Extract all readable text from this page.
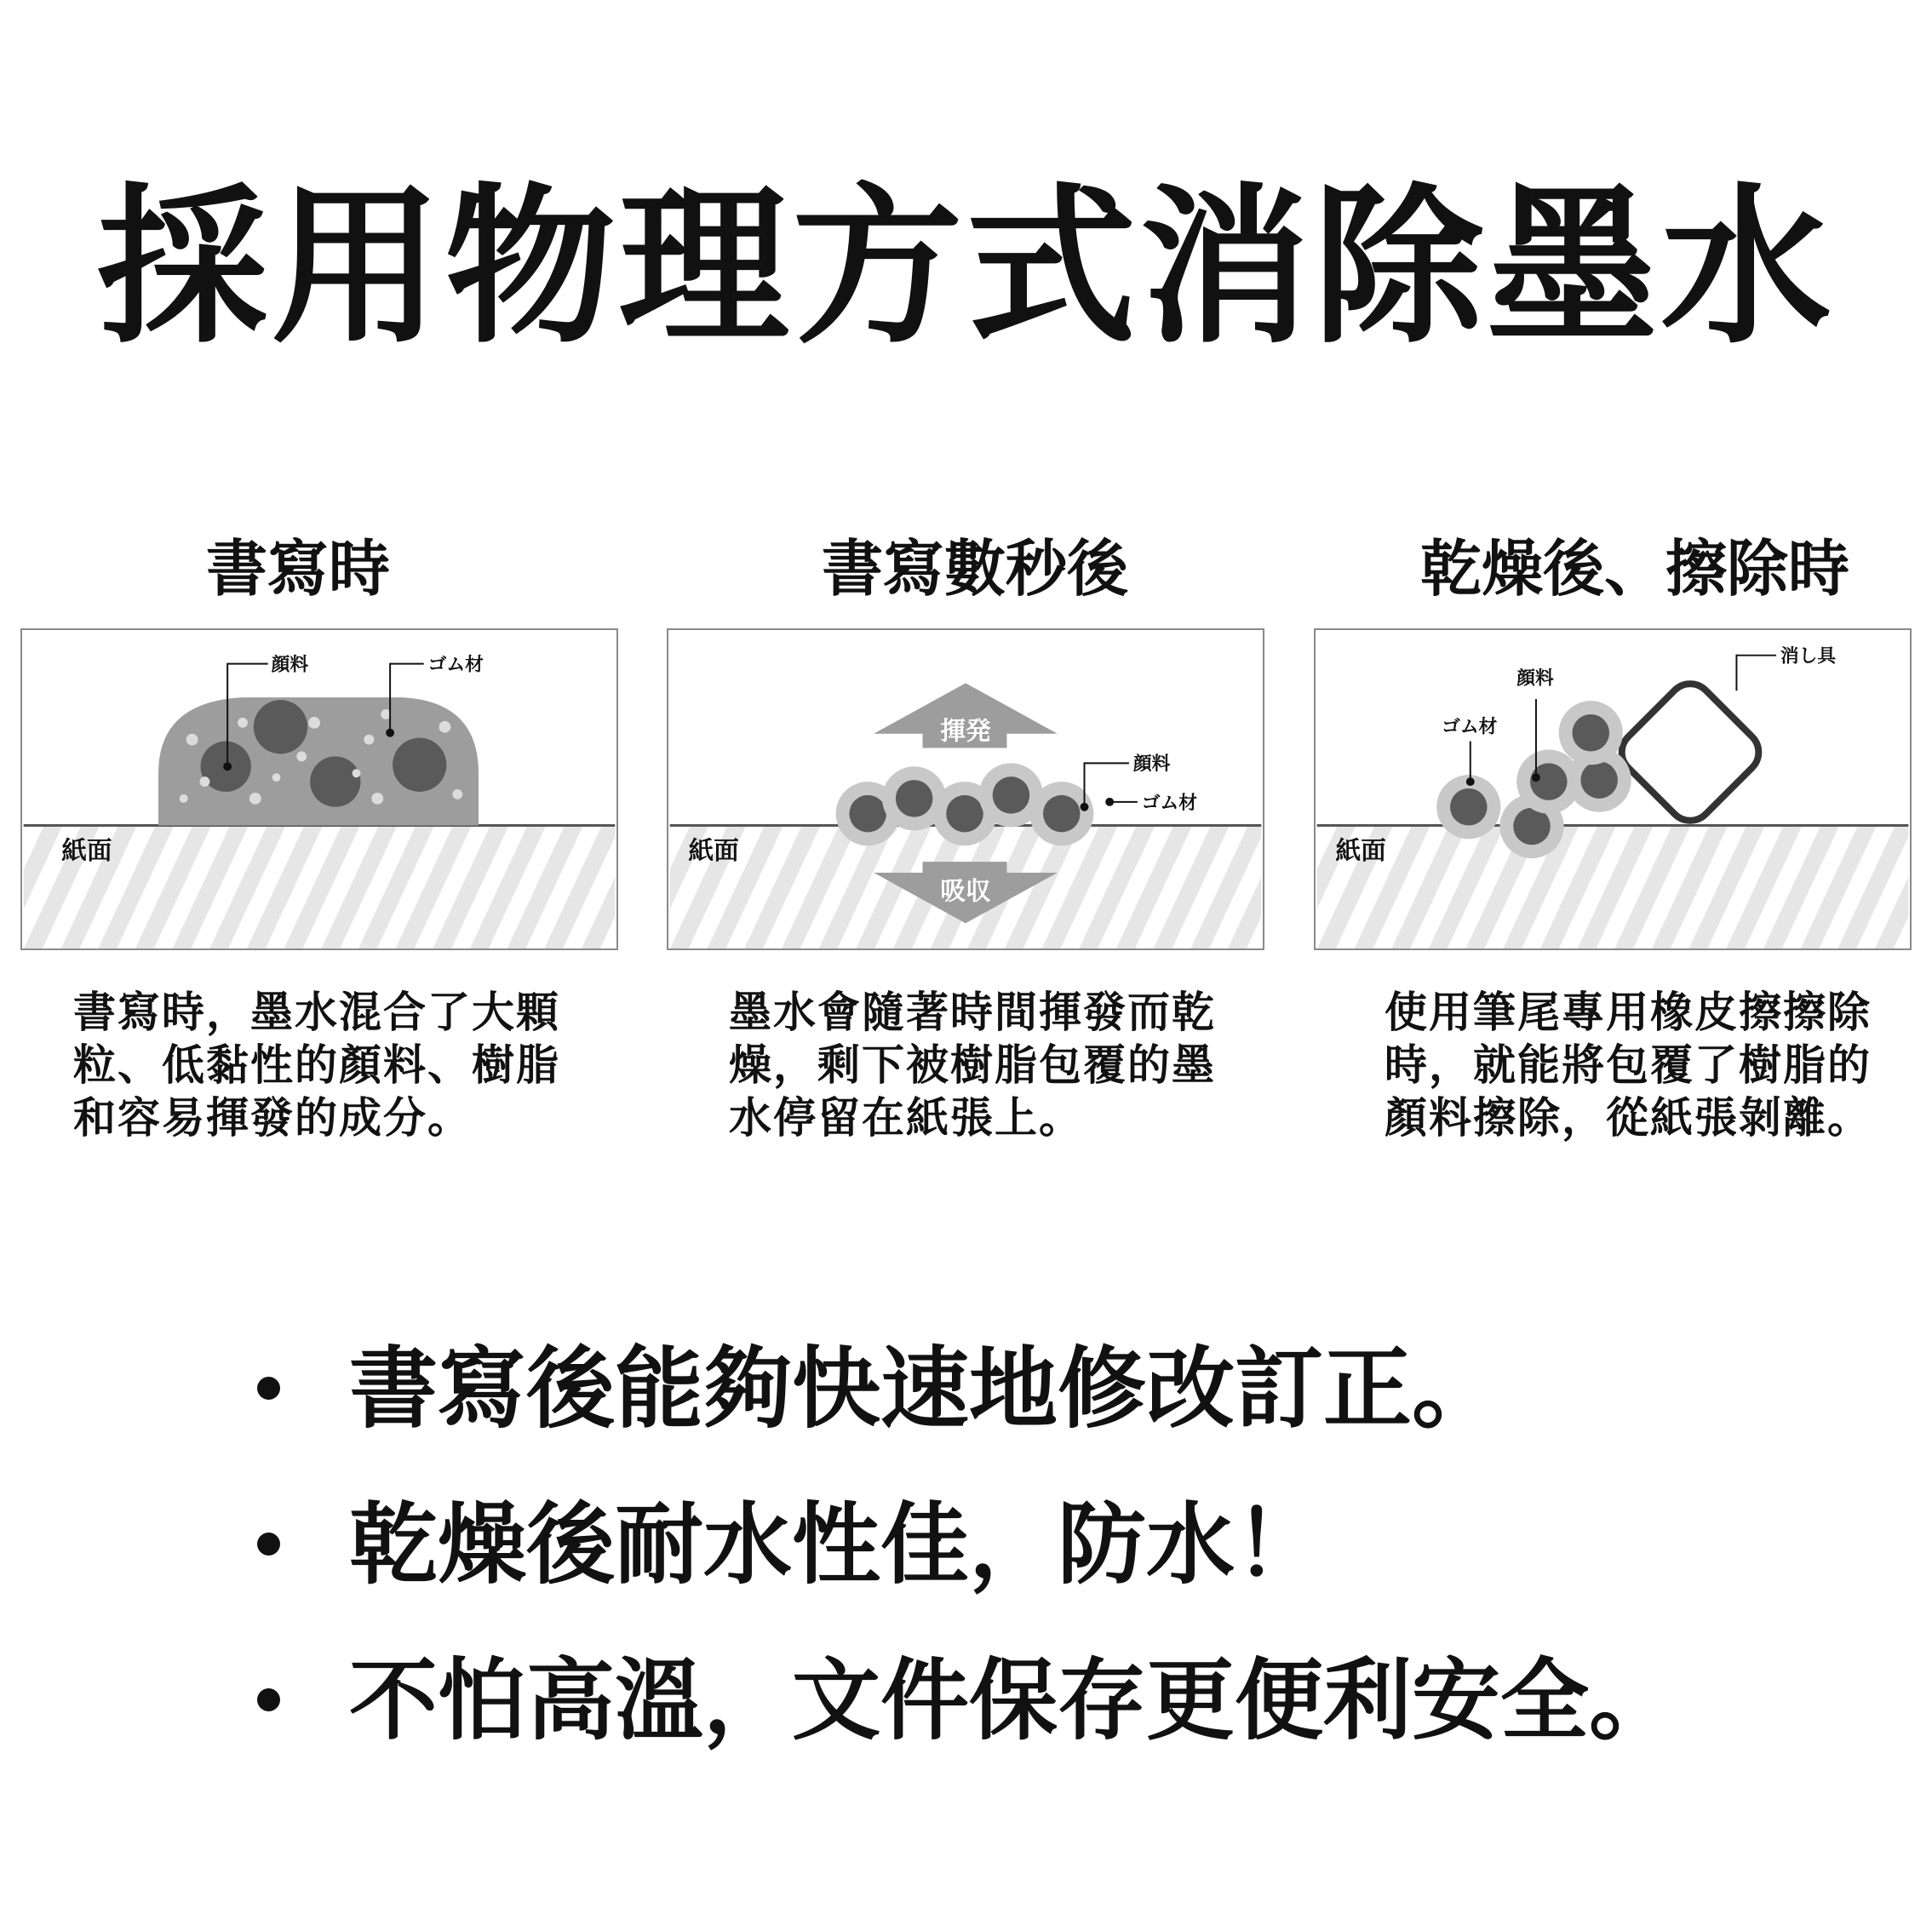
採用物理方式消除墨水
書寫時	書寫數秒後	乾燥後、擦除時
顔料	ゴム材
紙面
揮発
吸収
顔料
ゴム材
紙面
顔料
ゴム材
消し具
紙面

書寫時，墨水混合了大顆粒、低黏性的顏料、樹脂和容易揮發的成分。

墨水會隨著時間揮發而乾燥，剩下被樹脂包覆的墨水停留在紙張上。

使用筆尾專用橡皮擦擦除時，就能將包覆了樹脂的顏料擦除，從紙張剝離。

書寫後能夠快速地修改訂正。
乾燥後耐水性佳，防水！
不怕高溫，文件保存更便利安全。
